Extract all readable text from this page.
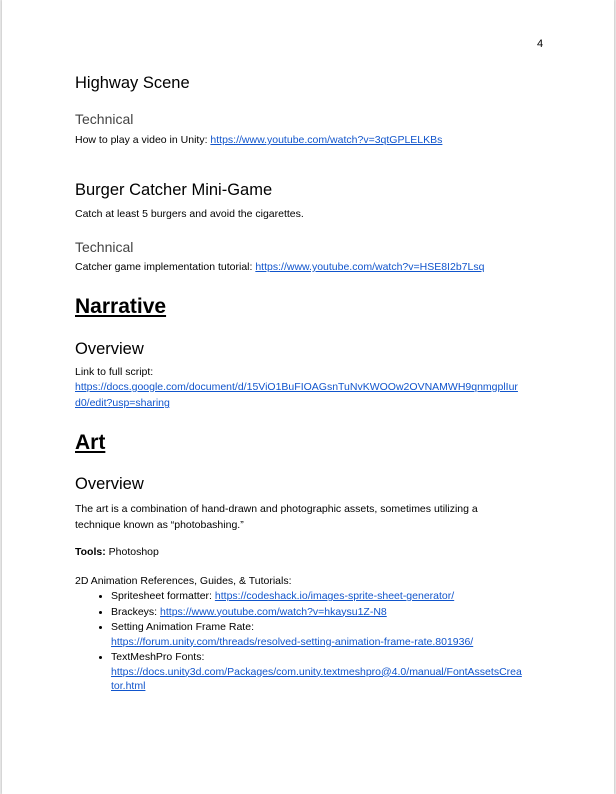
4
Highway Scene
Technical
How to play a video in Unity: https://www.youtube.com/watch?v=3qtGPLELKBs
Burger Catcher Mini-Game
Catch at least 5 burgers and avoid the cigarettes.
Technical
Catcher game implementation tutorial: https://www.youtube.com/watch?v=HSE8I2b7Lsq
Narrative
Overview
Link to full script:
https://docs.google.com/document/d/15ViO1BuFIOAGsnTuNvKWOOw2OVNAMWH9qnmgplIur
d0/edit?usp=sharing
Art
Overview
The art is a combination of hand-drawn and photographic assets, sometimes utilizing a
technique known as “photobashing.”
Tools: Photoshop
2D Animation References, Guides, & Tutorials:
• Spritesheet formatter: https://codeshack.io/images-sprite-sheet-generator/
• Brackeys: https://www.youtube.com/watch?v=hkaysu1Z-N8
• Setting Animation Frame Rate:
https://forum.unity.com/threads/resolved-setting-animation-frame-rate.801936/
• TextMeshPro Fonts:
https://docs.unity3d.com/Packages/com.unity.textmeshpro@4.0/manual/FontAssetsCrea
tor.html
